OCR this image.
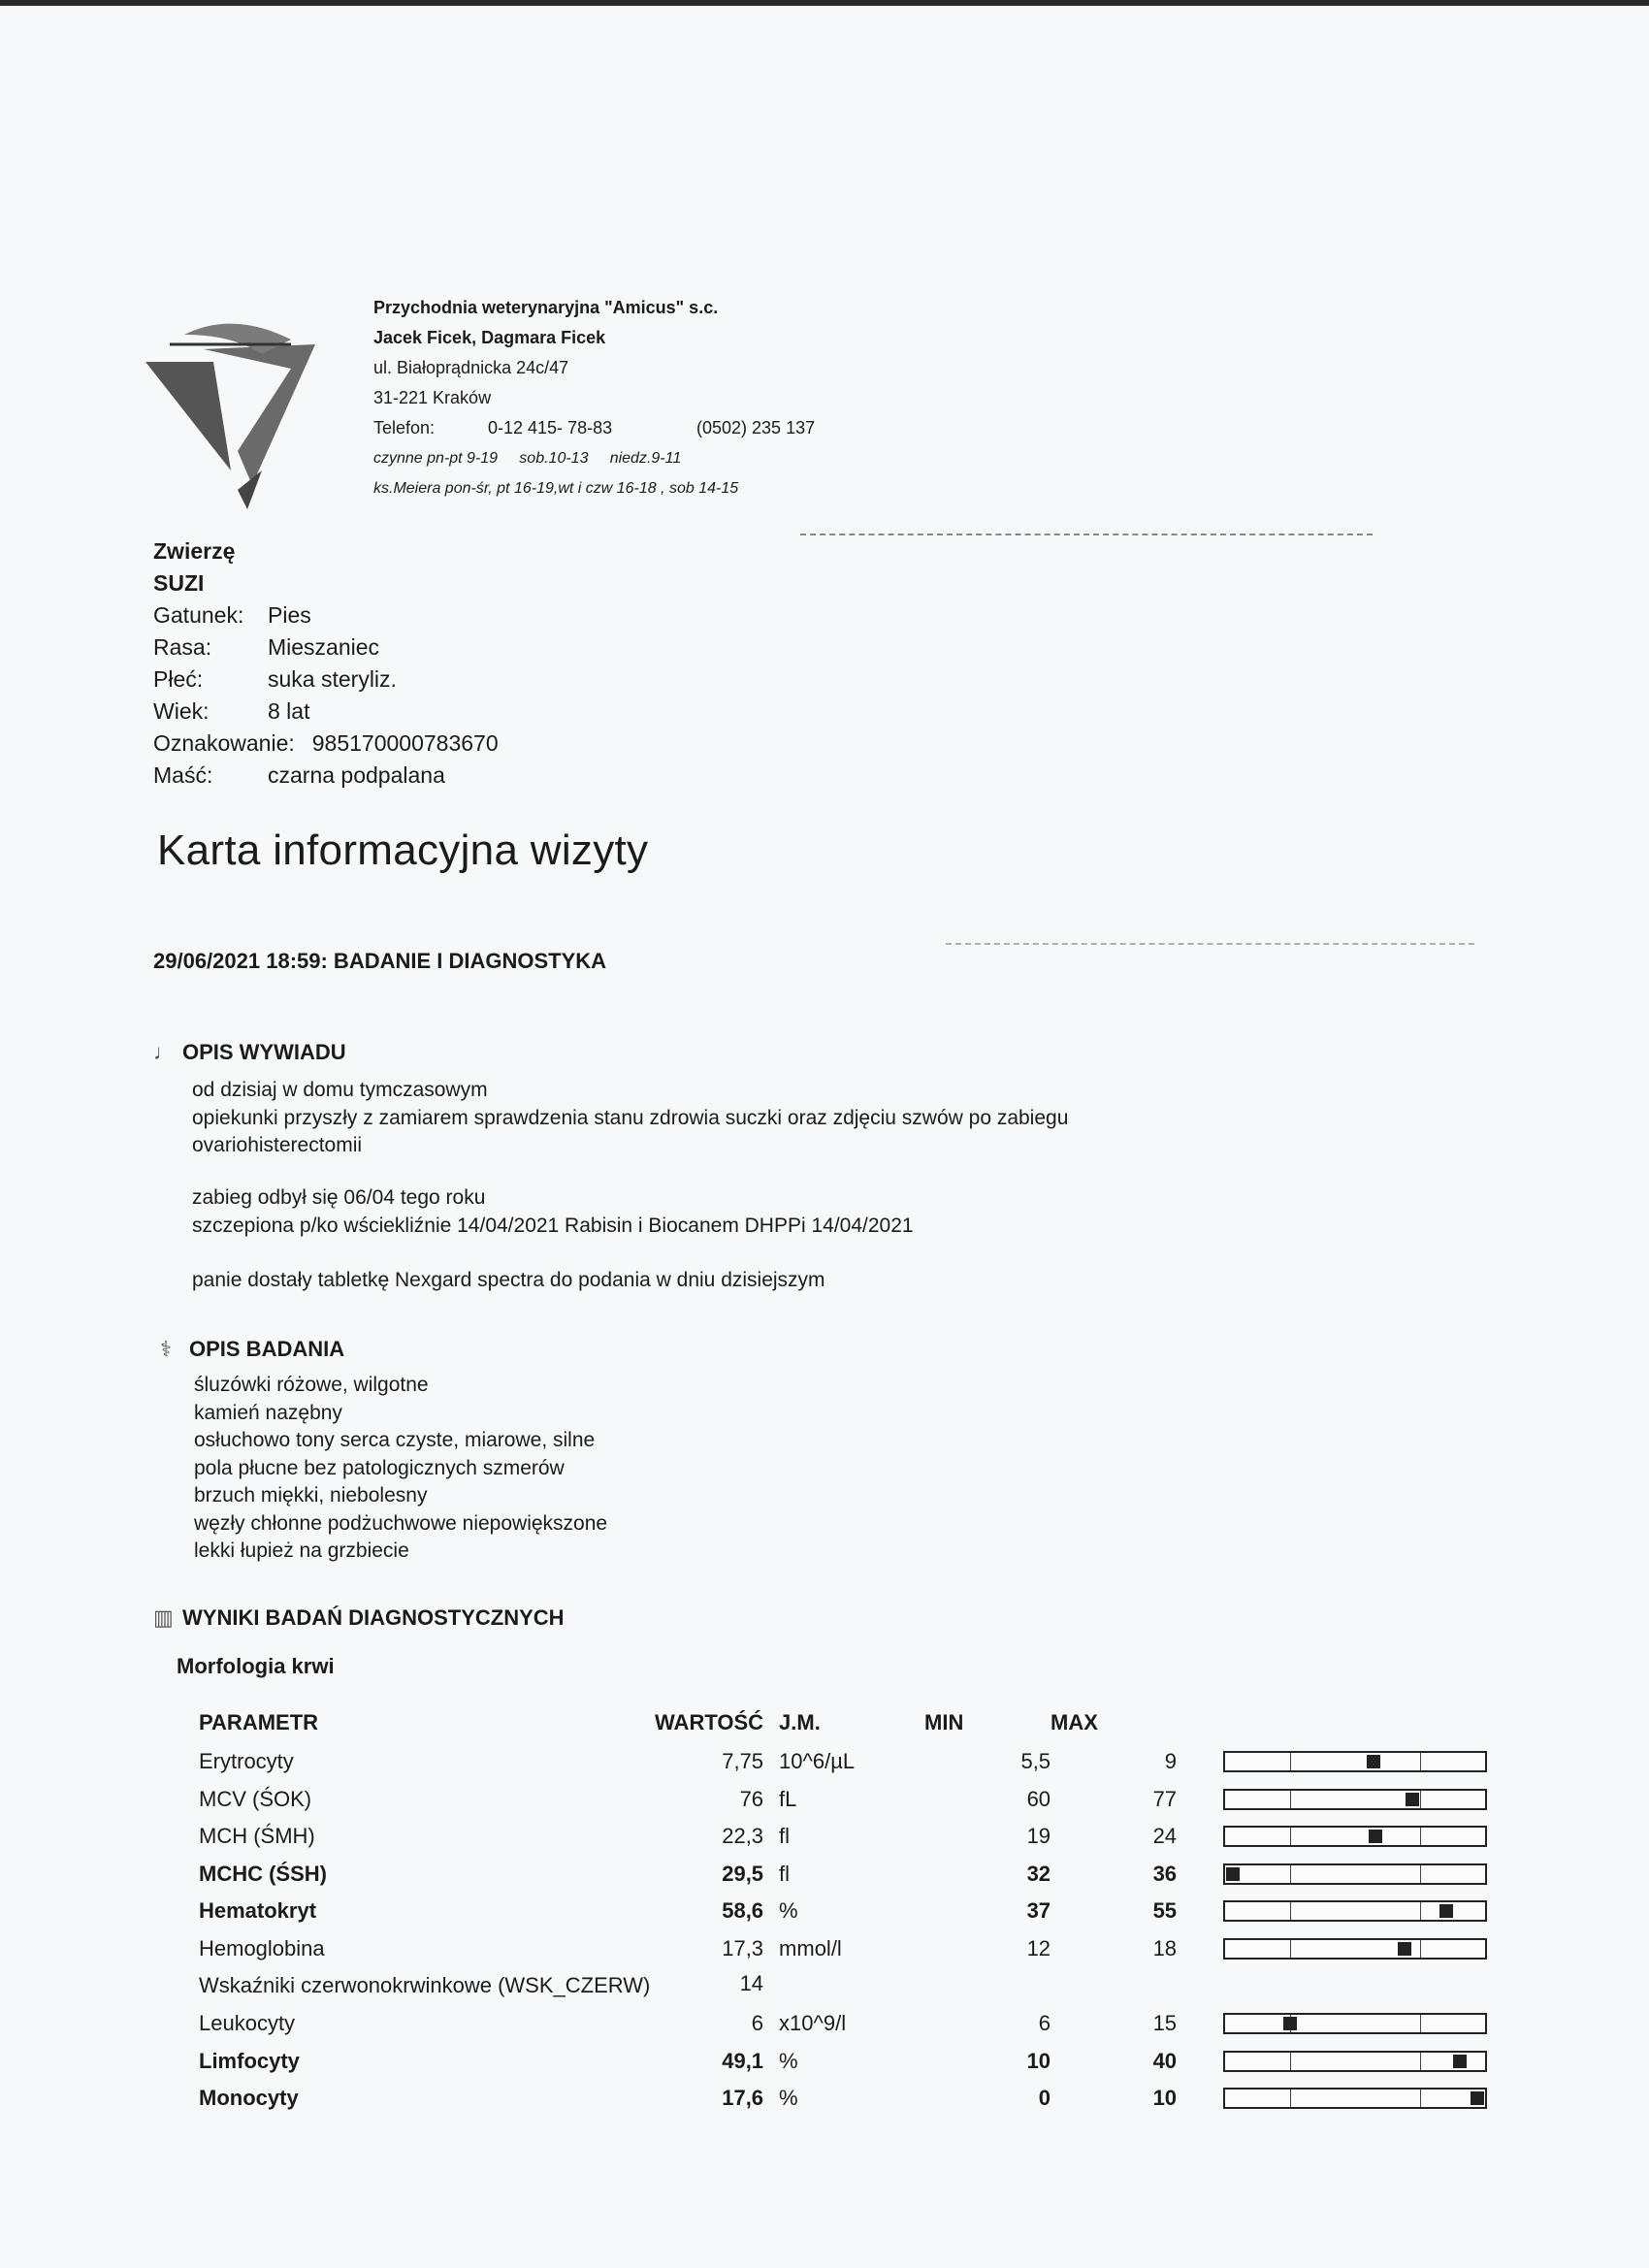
Przychodnia weterynaryjna "Amicus" s.c.
Jacek Ficek, Dagmara Ficek
ul. Białoprądnicka 24c/47
31-221 Kraków
Telefon:	0-12 415- 78-83	(0502) 235 137
czynne pn-pt 9-19     sob.10-13     niedz.9-11
ks.Meiera pon-śr, pt 16-19,wt i czw 16-18 , sob 14-15
Zwierzę
SUZI
Gatunek: Pies
Rasa:	Mieszaniec
Płeć:	suka steryliz.
Wiek:	8 lat
Oznakowanie: 985170000783670
Maść: czarna podpalana
Karta informacyjna wizyty
29/06/2021 18:59: BADANIE I DIAGNOSTYKA
♩ OPIS WYWIADU
od dzisiaj w domu tymczasowym
opiekunki przyszły z zamiarem sprawdzenia stanu zdrowia suczki oraz zdjęciu szwów po zabiegu
ovariohisterectomii
zabieg odbył się 06/04 tego roku
szczepiona p/ko wściekliźnie 14/04/2021 Rabisin i Biocanem DHPPi 14/04/2021
panie dostały tabletkę Nexgard spectra do podania w dniu dzisiejszym
⚕ OPIS BADANIA
śluzówki różowe, wilgotne
kamień nazębny
osłuchowo tony serca czyste, miarowe, silne
pola płucne bez patologicznych szmerów
brzuch miękki, niebolesny
węzły chłonne podżuchwowe niepowiększone
lekki łupież na grzbiecie
▥ WYNIKI BADAŃ DIAGNOSTYCZNYCH
Morfologia krwi
PARAMETR	WARTOŚĆ	J.M.	MIN	MAX	
Erytrocyty	7,75	10^6/µL	5,5	9	

MCV (ŚOK)	76	fL	60	77	

MCH (ŚMH)	22,3	fl	19	24	

MCHC (ŚSH)	29,5	fl	32	36	

Hematokryt	58,6	%	37	55	

Hemoglobina	17,3	mmol/l	12	18	

Wskaźniki czerwonokrwinkowe (WSK_CZERW)	14				
Leukocyty	6	x10^9/l	6	15	

Limfocyty	49,1	%	10	40	

Monocyty	17,6	%	0	10	
